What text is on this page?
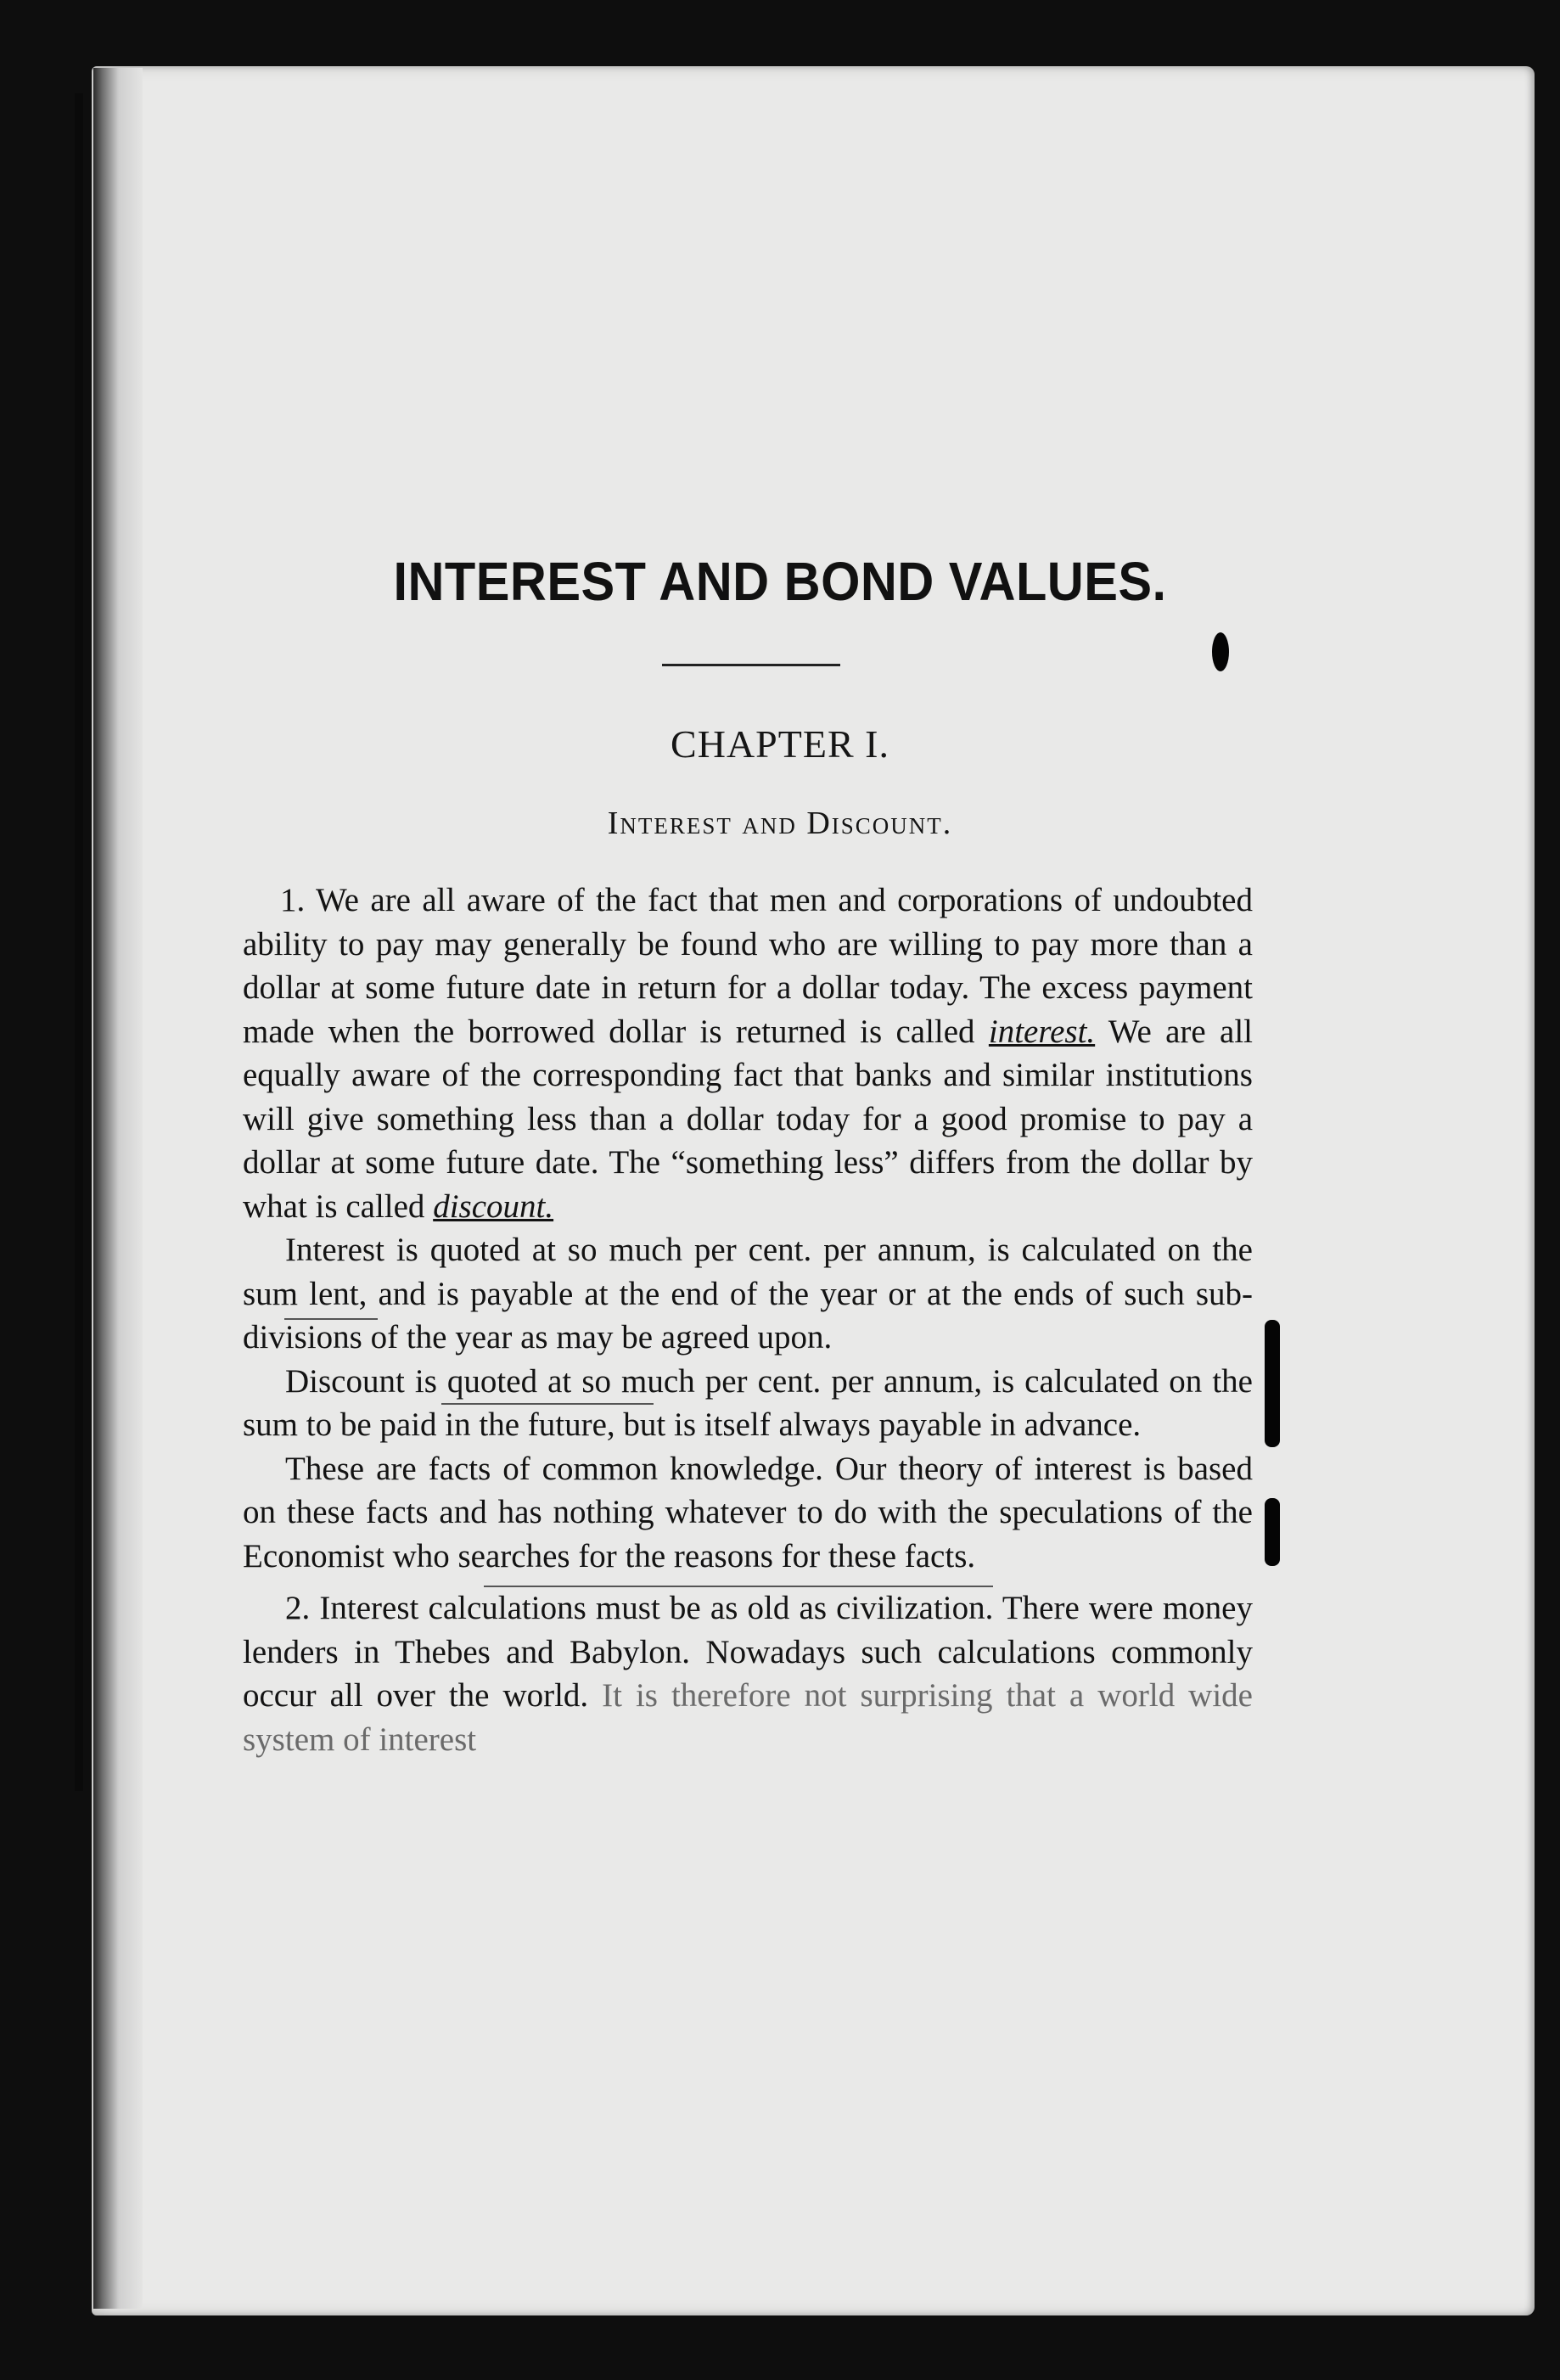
INTEREST AND BOND VALUES.
CHAPTER I.
Interest and Discount.

1. We are all aware of the fact that men and corporations of undoubted ability to pay may generally be found who are willing to pay more than a dollar at some future date in return for a dollar today. The excess payment made when the borrowed dollar is returned is called interest. We are all equally aware of the corresponding fact that banks and similar institutions will give something less than a dollar today for a good promise to pay a dollar at some future date. The “something less” differs from the dollar by what is called discount.

Interest is quoted at so much per cent. per annum, is calculated on the sum lent, and is payable at the end of the year or at the ends of such sub-divisions of the year as may be agreed upon.

Discount is quoted at so much per cent. per annum, is calculated on the sum to be paid in the future, but is itself always payable in advance.

These are facts of common knowledge. Our theory of interest is based on these facts and has nothing whatever to do with the speculations of the Economist who searches for the reasons for these facts.

2. Interest calculations must be as old as civilization. There were money lenders in Thebes and Babylon. Nowadays such calculations commonly occur all over the world. It is therefore not surprising that a world wide system of interest
